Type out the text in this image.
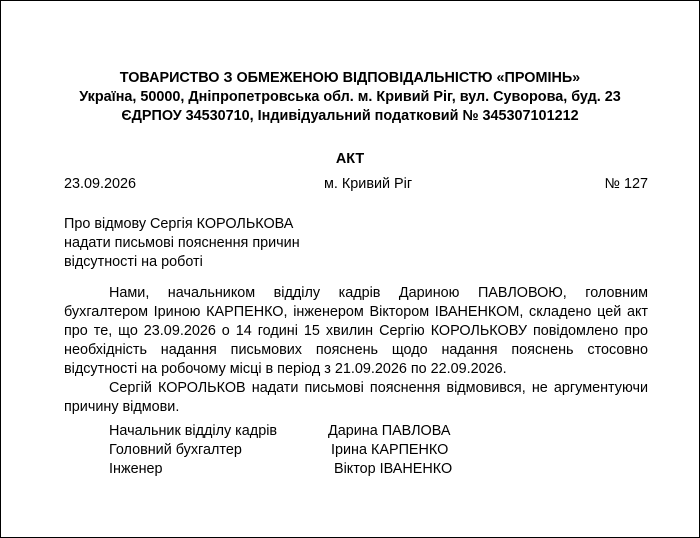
ТОВАРИСТВО З ОБМЕЖЕНОЮ ВІДПОВІДАЛЬНІСТЮ «ПРОМІНЬ»
Україна, 50000, Дніпропетровська обл. м. Кривий Ріг, вул. Суворова, буд. 23
ЄДРПОУ 34530710, Індивідуальний податковий № 345307101212
АКТ
23.09.2026	м. Кривий Ріг	№ 127
Про відмову Сергія КОРОЛЬКОВА
надати письмові пояснення причин
відсутності на роботі

Нами, начальником відділу кадрів Дариною ПАВЛОВОЮ, головним бухгалтером Іриною КАРПЕНКО, інженером Віктором ІВАНЕНКОМ, складено цей акт про те, що 23.09.2026 о 14 годині 15 хвилин Сергію КОРОЛЬКОВУ повідомлено про необхідність надання письмових пояснень щодо надання пояснень стосовно відсутності на робочому місці в період з 21.09.2026 по 22.09.2026.

Сергій КОРОЛЬКОВ надати письмові пояснення відмовився, не аргументуючи причину відмови.

Начальник відділу кадрів	Дарина ПАВЛОВА
Головний бухгалтер	Ірина КАРПЕНКО
Інженер	Віктор ІВАНЕНКО
